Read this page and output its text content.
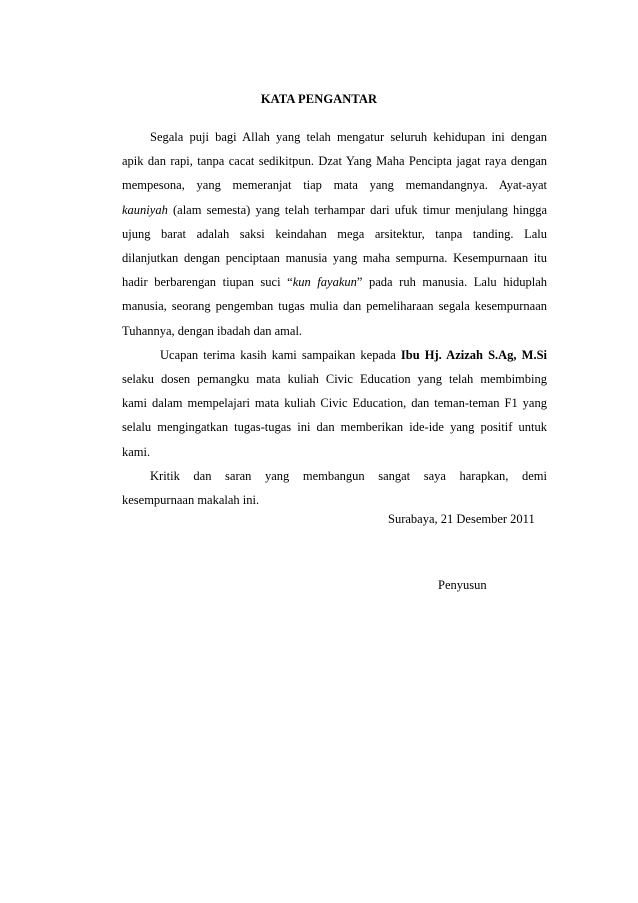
KATA PENGANTAR
Segala puji bagi Allah yang telah mengatur seluruh kehidupan ini dengan
apik dan rapi, tanpa cacat sedikitpun. Dzat Yang Maha Pencipta jagat raya dengan
mempesona, yang memeranjat tiap mata yang memandangnya. Ayat-ayat
kauniyah (alam semesta) yang telah terhampar dari ufuk timur menjulang hingga
ujung barat adalah saksi keindahan mega arsitektur, tanpa tanding. Lalu
dilanjutkan dengan penciptaan manusia yang maha sempurna. Kesempurnaan itu
hadir berbarengan tiupan suci “kun fayakun” pada ruh manusia. Lalu hiduplah
manusia, seorang pengemban tugas mulia dan pemeliharaan segala kesempurnaan
Tuhannya, dengan ibadah dan amal.
Ucapan terima kasih kami sampaikan kepada Ibu Hj. Azizah S.Ag, M.Si
selaku dosen pemangku mata kuliah Civic Education yang telah membimbing
kami dalam mempelajari mata kuliah Civic Education, dan teman-teman F1 yang
selalu mengingatkan tugas-tugas ini dan memberikan ide-ide yang positif untuk
kami.
Kritik dan saran yang membangun sangat saya harapkan, demi
kesempurnaan makalah ini.
Surabaya, 21 Desember 2011
Penyusun
